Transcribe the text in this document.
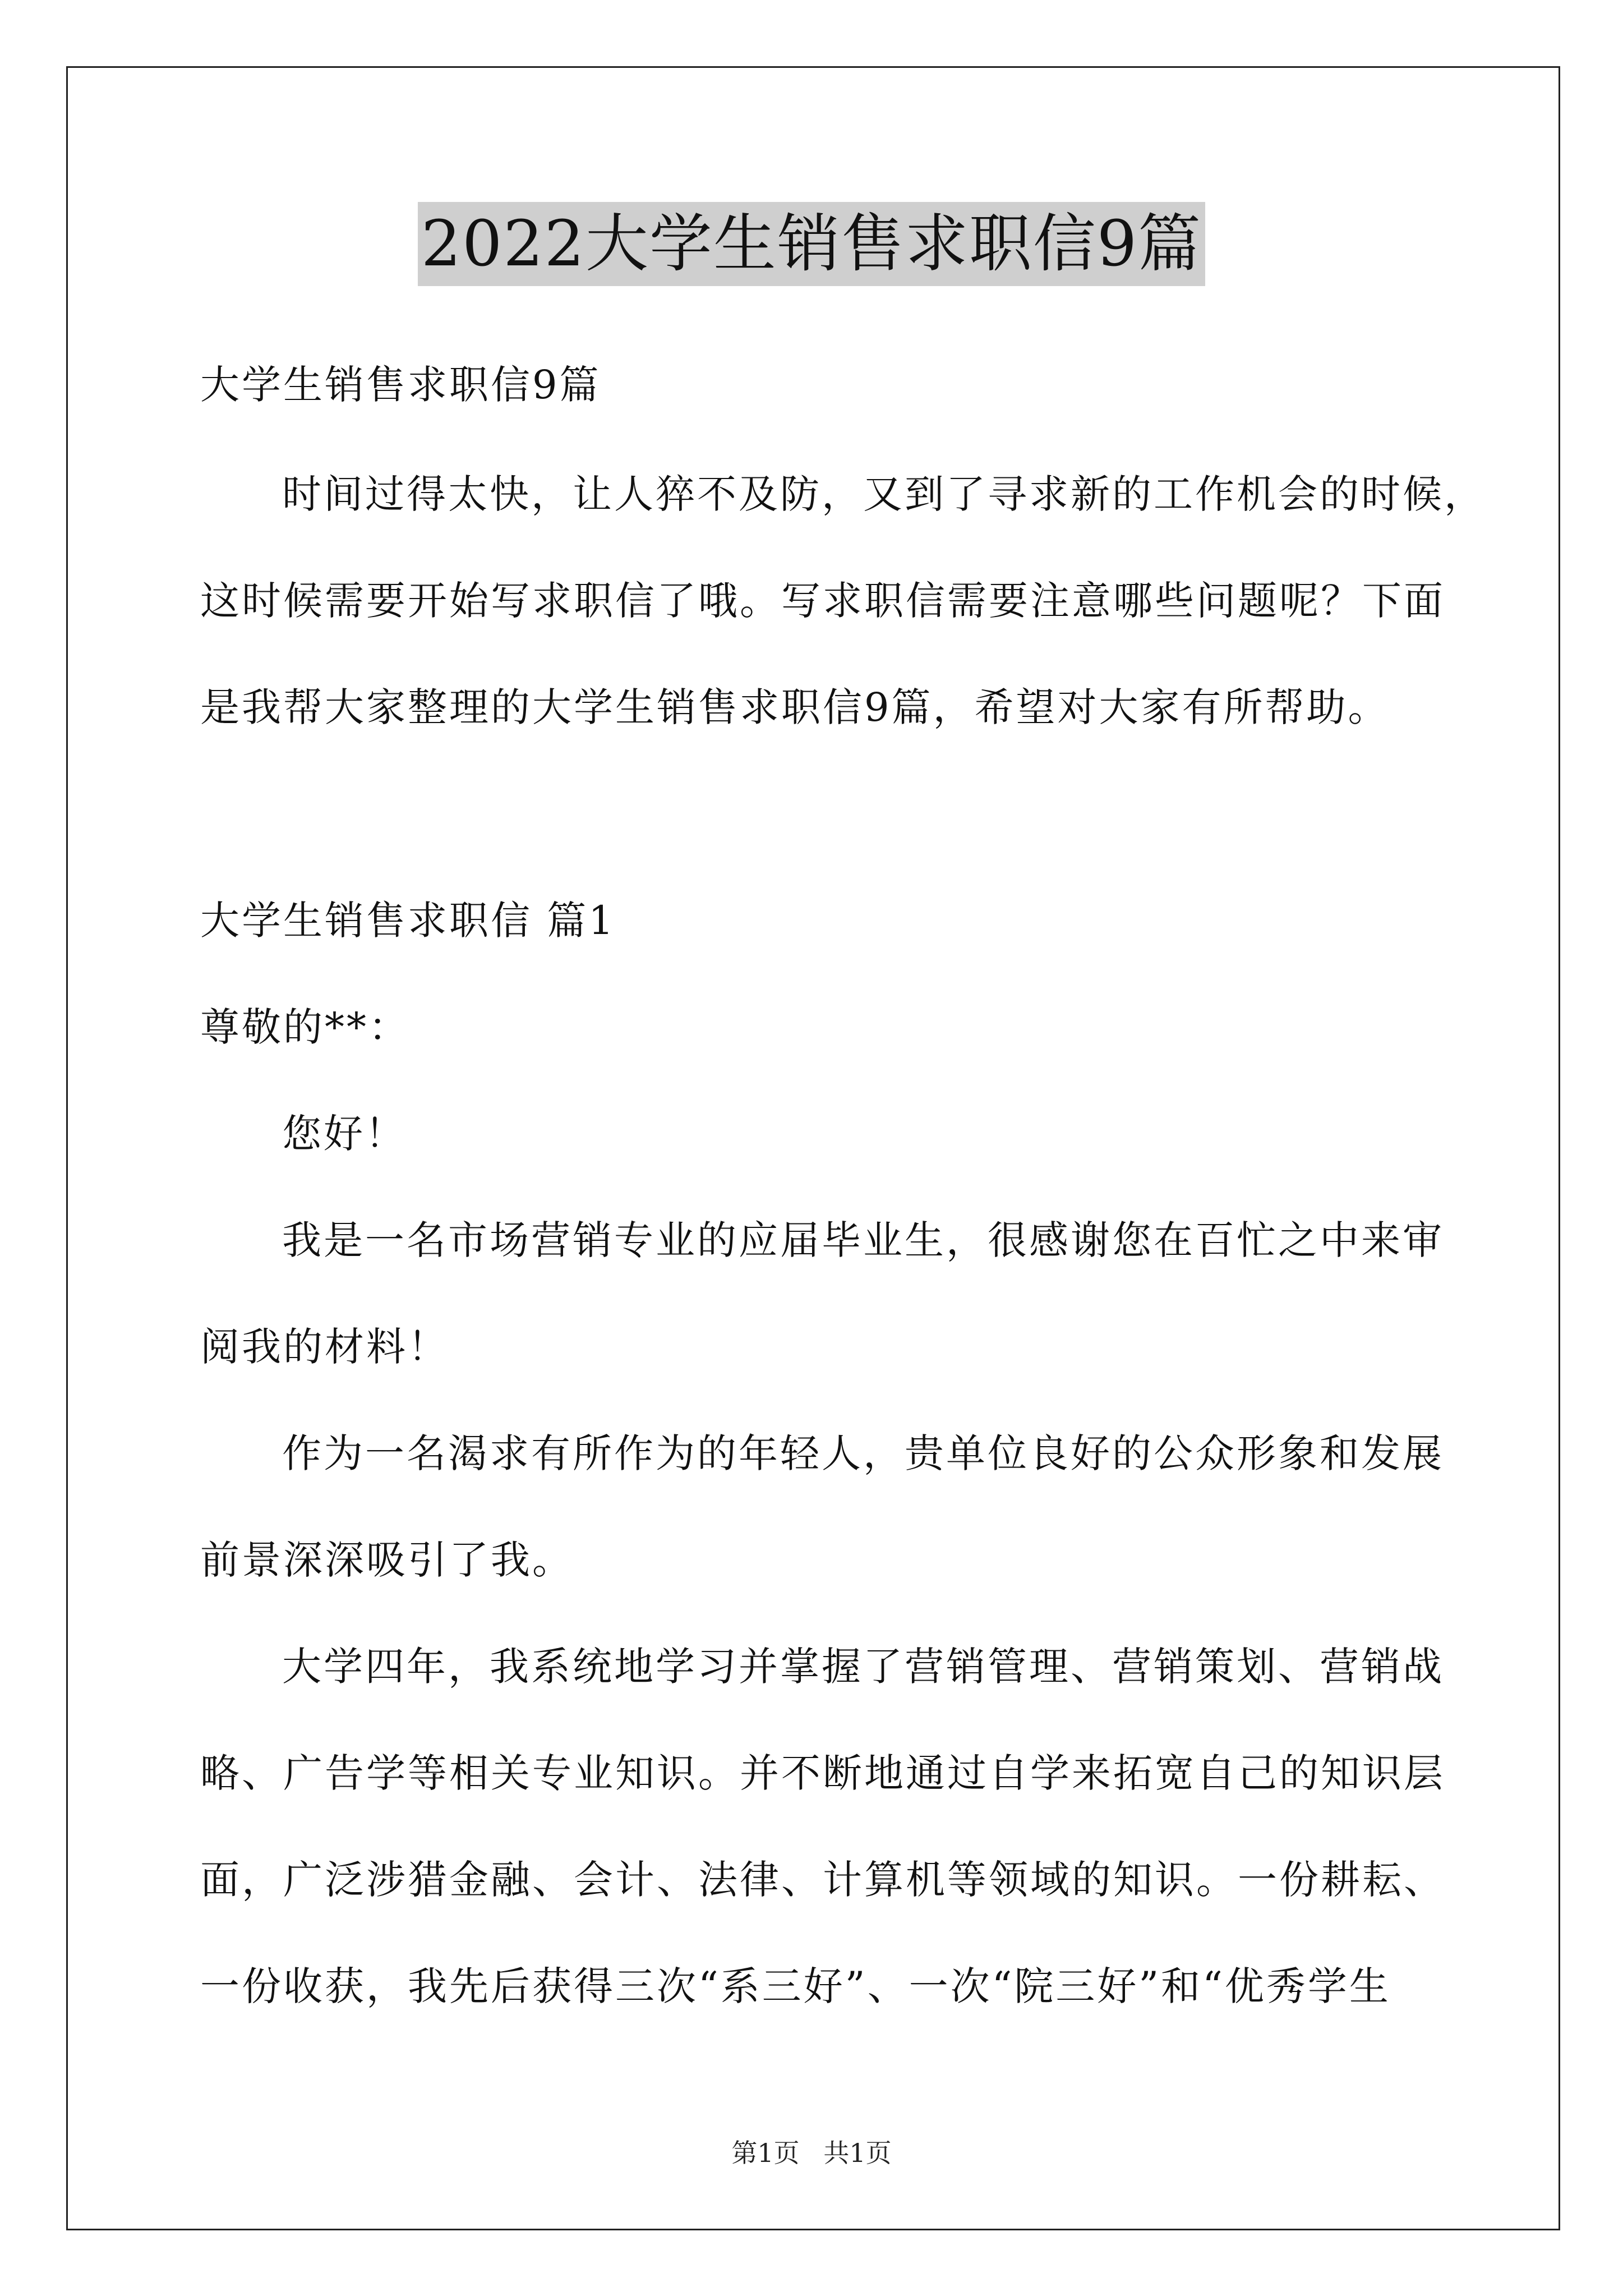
2022大学生销售求职信9篇
大学生销售求职信9篇
时间过得太快，让人猝不及防，又到了寻求新的工作机会的时候，
这时候需要开始写求职信了哦。写求职信需要注意哪些问题呢？下面
是我帮大家整理的大学生销售求职信9篇，希望对大家有所帮助。
大学生销售求职信 篇1
尊敬的**：
您好！
我是一名市场营销专业的应届毕业生，很感谢您在百忙之中来审
阅我的材料！
作为一名渴求有所作为的年轻人，贵单位良好的公众形象和发展
前景深深吸引了我。
大学四年，我系统地学习并掌握了营销管理、营销策划、营销战
略、广告学等相关专业知识。并不断地通过自学来拓宽自己的知识层
面，广泛涉猎金融、会计、法律、计算机等领域的知识。一份耕耘、
一份收获，我先后获得三次“系三好”、一次“院三好”和“优秀学生
第1页 共1页
